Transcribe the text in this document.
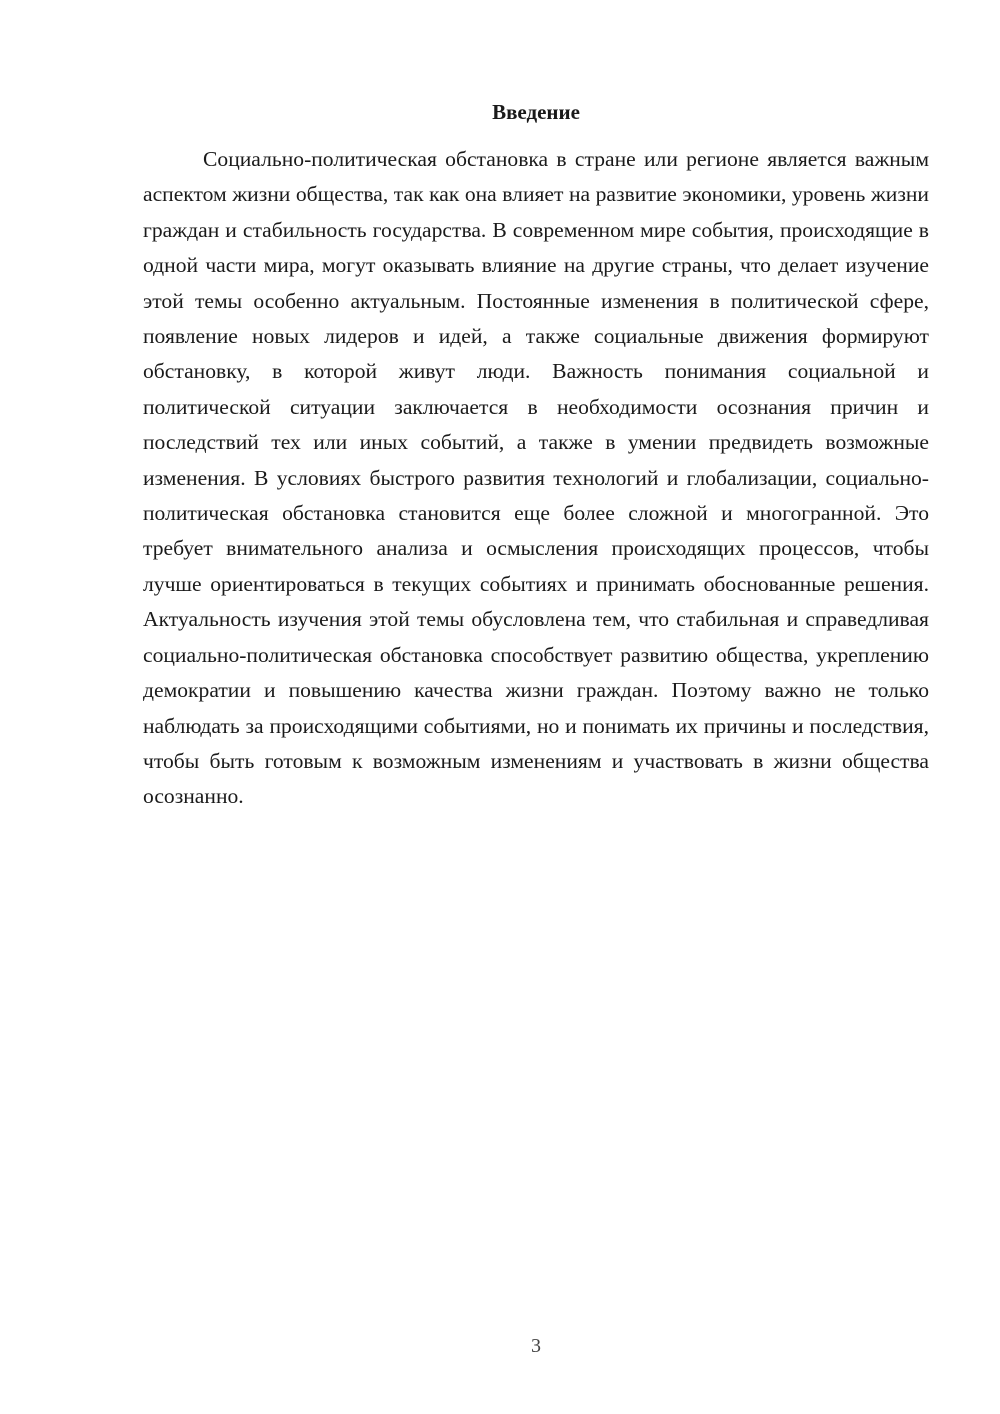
Введение

Социально-политическая обстановка в стране или регионе является важным аспектом жизни общества, так как она влияет на развитие экономики, уровень жизни граждан и стабильность государства. В современном мире события, происходящие в одной части мира, могут оказывать влияние на другие страны, что делает изучение этой темы особенно актуальным. Постоянные изменения в политической сфере, появление новых лидеров и идей, а также социальные движения формируют обстановку, в которой живут люди. Важность понимания социальной и политической ситуации заключается в необходимости осознания причин и последствий тех или иных событий, а также в умении предвидеть возможные изменения. В условиях быстрого развития технологий и глобализации, социально-политическая обстановка становится еще более сложной и многогранной. Это требует внимательного анализа и осмысления происходящих процессов, чтобы лучше ориентироваться в текущих событиях и принимать обоснованные решения. Актуальность изучения этой темы обусловлена тем, что стабильная и справедливая социально-политическая обстановка способствует развитию общества, укреплению демократии и повышению качества жизни граждан. Поэтому важно не только наблюдать за происходящими событиями, но и понимать их причины и последствия, чтобы быть готовым к возможным изменениям и участвовать в жизни общества осознанно.

3
